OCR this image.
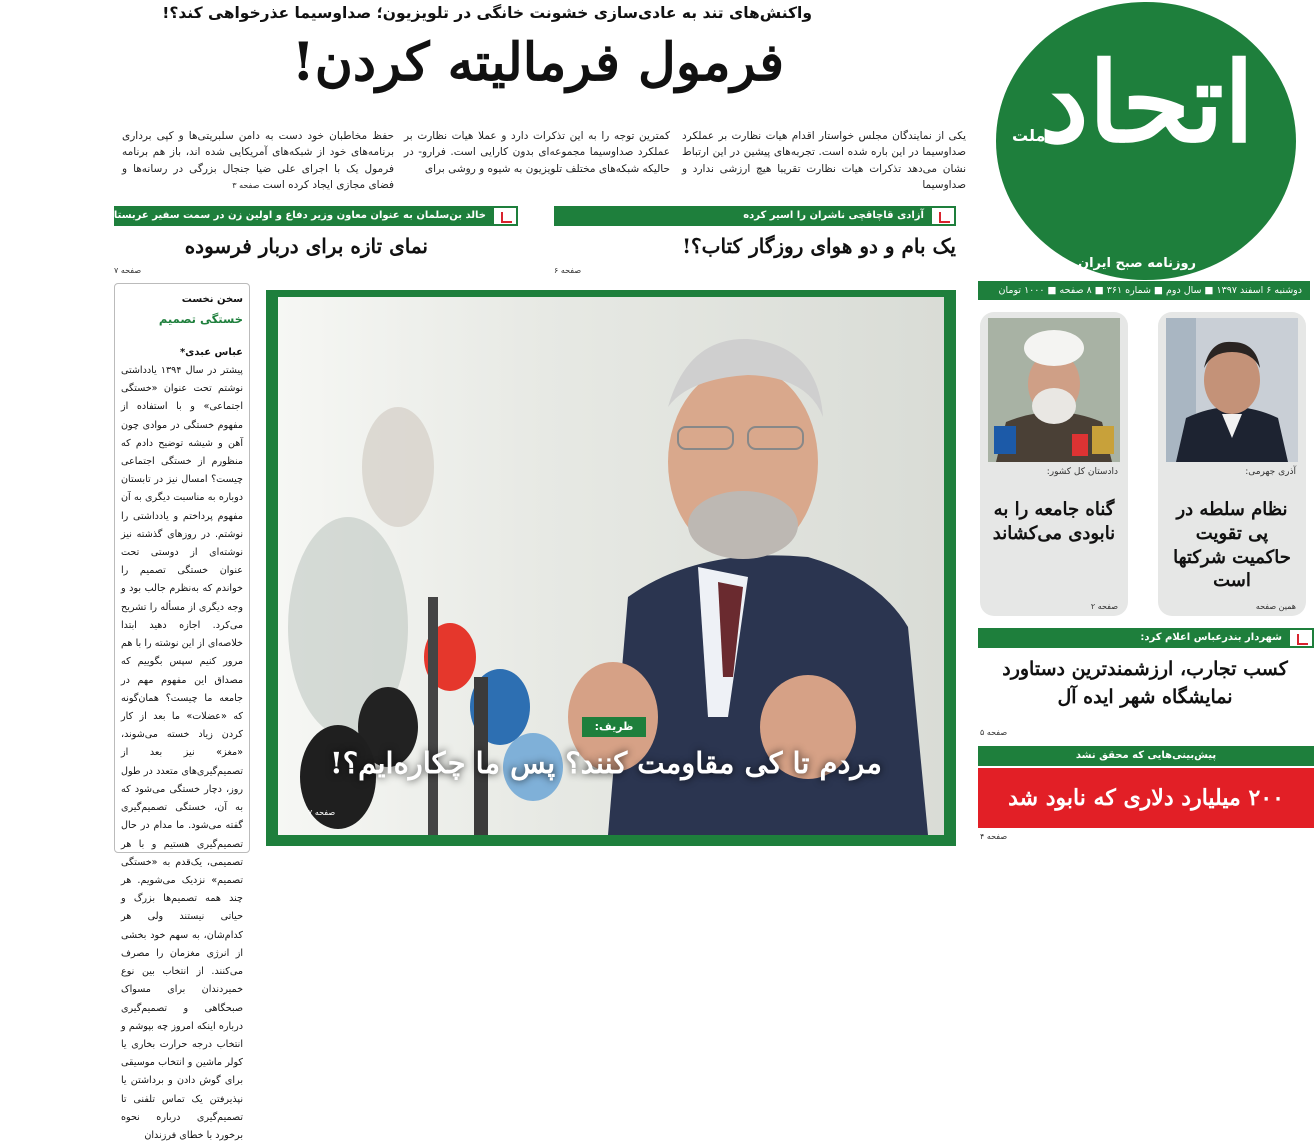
اتحاد
ملت
روزنامه صبح ایران
دوشنبه ۶ اسفند ۱۳۹۷ ■ سال دوم ■ شماره ۳۶۱ ■ ۸ صفحه ■ ۱۰۰۰ تومان
واکنش‌های تند به عادی‌سازی خشونت خانگی در تلویزیون؛ صداوسیما عذرخواهی کند؟!
فرمول فرمالیته کردن!
یکی از نمایندگان مجلس خواستار اقدام هیات نظارت بر عملکرد صداوسیما در این باره شده است. تجربه‌های پیشین در این ارتباط نشان می‌دهد تذکرات هیات نظارت تقریبا هیچ ارزشی ندارد و صداوسیما
کمترین توجه را به این تذکرات دارد و عملا هیات نظارت بر عملکرد صداوسیما مجموعه‌ای بدون کارایی است. فرارو- در حالیکه شبکه‌های مختلف تلویزیون به شیوه و روشی برای
حفظ مخاطبان خود دست به دامن سلبریتی‌ها و کپی برداری برنامه‌های خود از شبکه‌های آمریکایی شده اند، باز هم برنامه فرمول یک با اجرای علی ضیا جنجال بزرگی در رسانه‌ها و فضای مجازی ایجاد کرده است صفحه ۳
آزادی قاچاقچی ناشران را اسیر کرده
یک بام و دو هوای روزگار کتاب؟!
صفحه ۶
خالد بن‌سلمان به عنوان معاون وزیر دفاع و اولین زن در سمت سفیر عربستان در آمریکا تعیین شدند
نمای تازه برای دربار فرسوده
صفحه ۷
ظریف:
مردم تا کی مقاومت کنند؟ پس ما چکاره‌ایم؟!
صفحه ۷
سخن نخست
خستگی تصمیم
عباس عبدی*
پیشتر در سال ۱۳۹۴ یادداشتی نوشتم تحت عنوان «خستگی اجتماعی» و با استفاده از مفهوم خستگی در موادی چون آهن و شیشه توضیح دادم که منظورم از خستگی اجتماعی چیست؟ امسال نیز در تابستان دوباره به مناسبت دیگری به آن مفهوم پرداختم و یادداشتی را نوشتم. در روزهای گذشته نیز نوشته‌ای از دوستی تحت عنوان خستگی تصمیم را خواندم که به‌نظرم جالب بود و وجه دیگری از مسأله را تشریح می‌کرد. اجازه دهید ابتدا خلاصه‌ای از این نوشته را با هم مرور کنیم سپس بگوییم که مصداق این مفهوم مهم در جامعه ما چیست؟ همان‌گونه که «عضلات» ما بعد از کار کردن زیاد خسته می‌شوند، «مغز» نیز بعد از تصمیم‌گیری‌های متعدد در طول روز، دچار خستگی می‌شود که به آن، خستگی تصمیم‌گیری گفته می‌شود. ما مدام در حال تصمیم‌گیری هستیم و با هر تصمیمی، یک‌قدم به «خستگی تصمیم» نزدیک می‌شویم. هر چند همه تصمیم‌ها بزرگ و حیاتی نیستند ولی هر کدام‌شان، به سهم خود بخشی از انرژی مغزمان را مصرف می‌کنند. از انتخاب بین نوع خمیردندان برای مسواک صبحگاهی و تصمیم‌گیری درباره اینکه امروز چه بپوشم و انتخاب درجه حرارت بخاری یا کولر ماشین و انتخاب موسیقی برای گوش دادن و برداشتن یا نپذیرفتن یک تماس تلفنی تا تصمیم‌گیری درباره نحوه برخورد با خطای فرزندان
آذری جهرمی:
نظام سلطه در پی تقویت حاکمیت شرکتها است
همین صفحه
دادستان کل کشور:
گناه جامعه را به نابودی می‌کشاند
صفحه ۲
شهردار بندرعباس اعلام کرد:
کسب تجارب، ارزشمندترین دستاورد نمایشگاه شهر ایده آل
صفحه ۵
پیش‌بینی‌هایی که محقق نشد
۲۰۰ میلیارد دلاری که نابود شد
صفحه ۴
